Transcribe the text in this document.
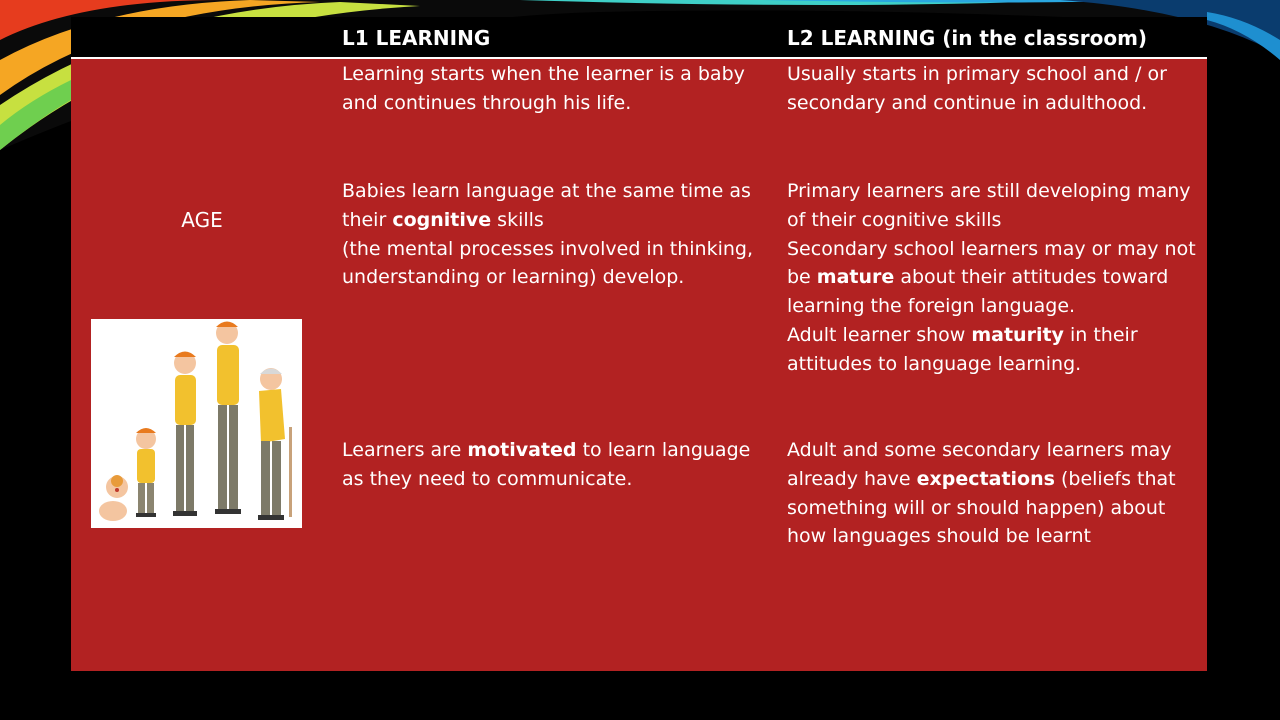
L1 LEARNING	L2 LEARNING (in the classroom)
AGE
Learning starts when the learner is a baby and continues through his life.
Babies learn language at the same time as their cognitive skills
(the mental processes involved in thinking, understanding or learning) develop.
Learners are motivated to learn language as they need to communicate.
Usually starts in primary school and / or secondary and continue in adulthood.
Primary learners are still developing many of their cognitive skills
Secondary school learners may or may not be mature about their attitudes toward learning the foreign language.
Adult learner show maturity in their attitudes to language learning.
Adult and some secondary learners may already have expectations (beliefs that something will or should happen) about how languages should be learnt
